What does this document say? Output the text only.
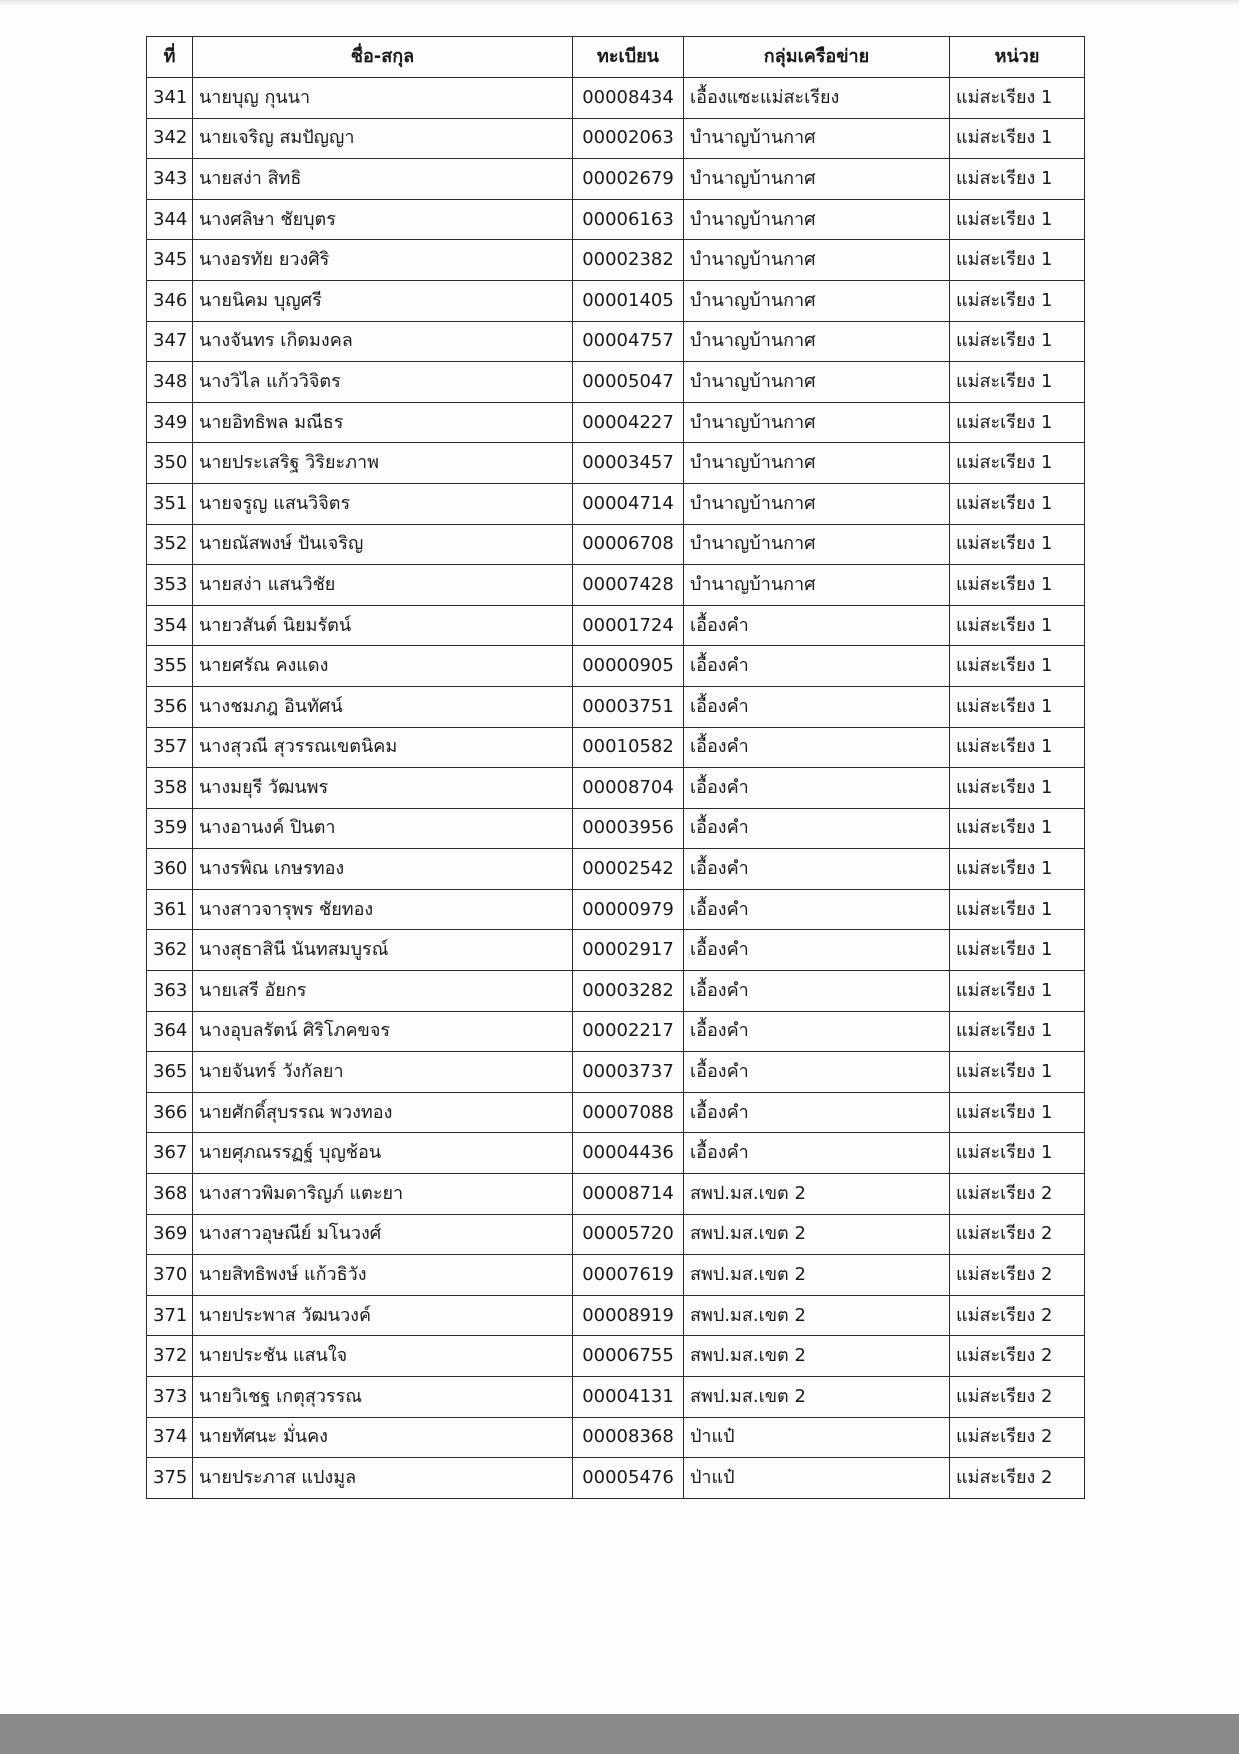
ที่	ชื่อ-สกุล	ทะเบียน	กลุ่มเครือข่าย	หน่วย
341	นายบุญ กุนนา	00008434	เอื้องแซะแม่สะเรียง	แม่สะเรียง 1
342	นายเจริญ สมปัญญา	00002063	บำนาญบ้านกาศ	แม่สะเรียง 1
343	นายสง่า สิทธิ	00002679	บำนาญบ้านกาศ	แม่สะเรียง 1
344	นางศลิษา ชัยบุตร	00006163	บำนาญบ้านกาศ	แม่สะเรียง 1
345	นางอรทัย ยวงศิริ	00002382	บำนาญบ้านกาศ	แม่สะเรียง 1
346	นายนิคม บุญศรี	00001405	บำนาญบ้านกาศ	แม่สะเรียง 1
347	นางจันทร เกิดมงคล	00004757	บำนาญบ้านกาศ	แม่สะเรียง 1
348	นางวิไล แก้ววิจิตร	00005047	บำนาญบ้านกาศ	แม่สะเรียง 1
349	นายอิทธิพล มณีธร	00004227	บำนาญบ้านกาศ	แม่สะเรียง 1
350	นายประเสริฐ วิริยะภาพ	00003457	บำนาญบ้านกาศ	แม่สะเรียง 1
351	นายจรูญ แสนวิจิตร	00004714	บำนาญบ้านกาศ	แม่สะเรียง 1
352	นายณัสพงษ์ ปันเจริญ	00006708	บำนาญบ้านกาศ	แม่สะเรียง 1
353	นายสง่า แสนวิชัย	00007428	บำนาญบ้านกาศ	แม่สะเรียง 1
354	นายวสันต์ นิยมรัตน์	00001724	เอื้องคำ	แม่สะเรียง 1
355	นายศรัณ คงแดง	00000905	เอื้องคำ	แม่สะเรียง 1
356	นางชมภฎ อินทัศน์	00003751	เอื้องคำ	แม่สะเรียง 1
357	นางสุวณี สุวรรณเขตนิคม	00010582	เอื้องคำ	แม่สะเรียง 1
358	นางมยุรี วัฒนพร	00008704	เอื้องคำ	แม่สะเรียง 1
359	นางอานงค์ ปินตา	00003956	เอื้องคำ	แม่สะเรียง 1
360	นางรพิณ เกษรทอง	00002542	เอื้องคำ	แม่สะเรียง 1
361	นางสาวจารุพร ชัยทอง	00000979	เอื้องคำ	แม่สะเรียง 1
362	นางสุธาสินี นันทสมบูรณ์	00002917	เอื้องคำ	แม่สะเรียง 1
363	นายเสรี อัยกร	00003282	เอื้องคำ	แม่สะเรียง 1
364	นางอุบลรัตน์ ศิริโภคขจร	00002217	เอื้องคำ	แม่สะเรียง 1
365	นายจันทร์ วังกัลยา	00003737	เอื้องคำ	แม่สะเรียง 1
366	นายศักดิ์สุบรรณ พวงทอง	00007088	เอื้องคำ	แม่สะเรียง 1
367	นายศุภณรรฏฐ์ บุญช้อน	00004436	เอื้องคำ	แม่สะเรียง 1
368	นางสาวพิมดาริญภ์ แตะยา	00008714	สพป.มส.เขต 2	แม่สะเรียง 2
369	นางสาวอุษณีย์ มโนวงศ์	00005720	สพป.มส.เขต 2	แม่สะเรียง 2
370	นายสิทธิพงษ์ แก้วธิวัง	00007619	สพป.มส.เขต 2	แม่สะเรียง 2
371	นายประพาส วัฒนวงค์	00008919	สพป.มส.เขต 2	แม่สะเรียง 2
372	นายประชัน แสนใจ	00006755	สพป.มส.เขต 2	แม่สะเรียง 2
373	นายวิเชฐ เกตุสุวรรณ	00004131	สพป.มส.เขต 2	แม่สะเรียง 2
374	นายทัศนะ มั่นคง	00008368	ป่าแป๋	แม่สะเรียง 2
375	นายประภาส แปงมูล	00005476	ป่าแป๋	แม่สะเรียง 2
